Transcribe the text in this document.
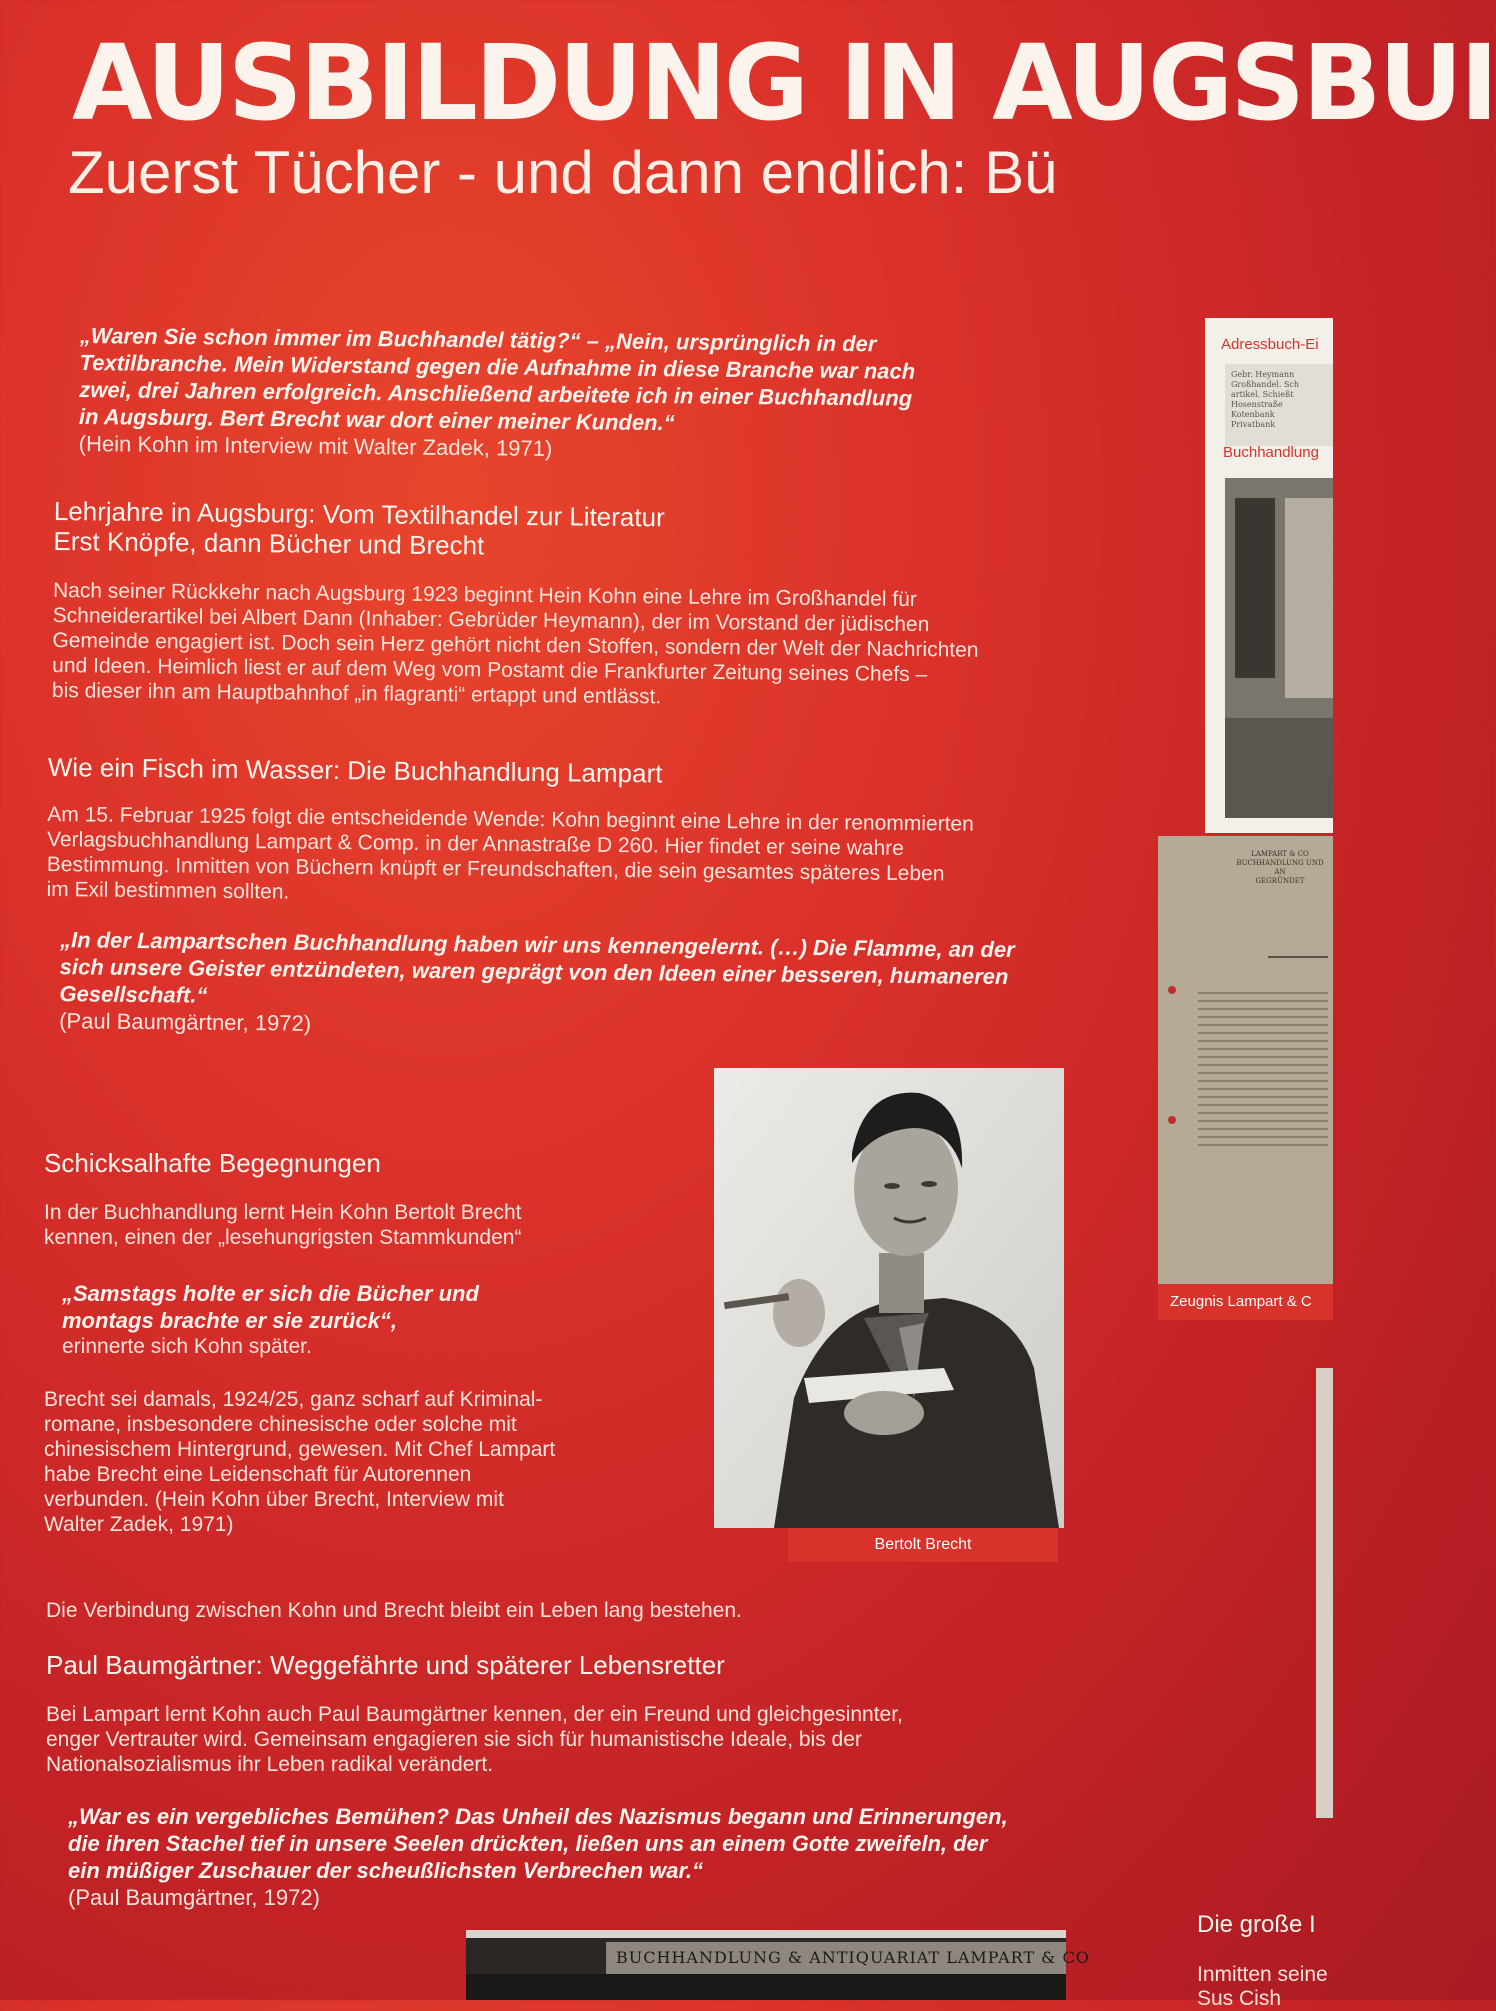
AUSBILDUNG IN AUGSBUI
Zuerst Tücher - und dann endlich: Bü
„Waren Sie schon immer im Buchhandel tätig?“ – „Nein, ursprünglich in der
Textilbranche. Mein Widerstand gegen die Aufnahme in diese Branche war nach
zwei, drei Jahren erfolgreich. Anschließend arbeitete ich in einer Buchhandlung
in Augsburg. Bert Brecht war dort einer meiner Kunden.“
(Hein Kohn im Interview mit Walter Zadek, 1971)
Lehrjahre in Augsburg: Vom Textilhandel zur Literatur
Erst Knöpfe, dann Bücher und Brecht
Nach seiner Rückkehr nach Augsburg 1923 beginnt Hein Kohn eine Lehre im Großhandel für
Schneiderartikel bei Albert Dann (Inhaber: Gebrüder Heymann), der im Vorstand der jüdischen
Gemeinde engagiert ist. Doch sein Herz gehört nicht den Stoffen, sondern der Welt der Nachrichten
und Ideen. Heimlich liest er auf dem Weg vom Postamt die Frankfurter Zeitung seines Chefs –
bis dieser ihn am Hauptbahnhof „in flagranti“ ertappt und entlässt.
Wie ein Fisch im Wasser: Die Buchhandlung Lampart
Am 15. Februar 1925 folgt die entscheidende Wende: Kohn beginnt eine Lehre in der renommierten
Verlagsbuchhandlung Lampart & Comp. in der Annastraße D 260. Hier findet er seine wahre
Bestimmung. Inmitten von Büchern knüpft er Freundschaften, die sein gesamtes späteres Leben
im Exil bestimmen sollten.
„In der Lampartschen Buchhandlung haben wir uns kennengelernt. (…) Die Flamme, an der
sich unsere Geister entzündeten, waren geprägt von den Ideen einer besseren, humaneren
Gesellschaft.“
(Paul Baumgärtner, 1972)
Schicksalhafte Begegnungen
In der Buchhandlung lernt Hein Kohn Bertolt Brecht
kennen, einen der „lesehungrigsten Stammkunden“
„Samstags holte er sich die Bücher und
montags brachte er sie zurück“,
erinnerte sich Kohn später.
Brecht sei damals, 1924/25, ganz scharf auf Kriminal-
romane, insbesondere chinesische oder solche mit
chinesischem Hintergrund, gewesen. Mit Chef Lampart
habe Brecht eine Leidenschaft für Autorennen
verbunden. (Hein Kohn über Brecht, Interview mit
Walter Zadek, 1971)
Die Verbindung zwischen Kohn und Brecht bleibt ein Leben lang bestehen.
Bertolt Brecht
Paul Baumgärtner: Weggefährte und späterer Lebensretter
Bei Lampart lernt Kohn auch Paul Baumgärtner kennen, der ein Freund und gleichgesinnter,
enger Vertrauter wird. Gemeinsam engagieren sie sich für humanistische Ideale, bis der
Nationalsozialismus ihr Leben radikal verändert.
„War es ein vergebliches Bemühen? Das Unheil des Nazismus begann und Erinnerungen,
die ihren Stachel tief in unsere Seelen drückten, ließen uns an einem Gotte zweifeln, der
ein müßiger Zuschauer der scheußlichsten Verbrechen war.“
(Paul Baumgärtner, 1972)
BUCHHANDLUNG & ANTIQUARIAT LAMPART & CO
Adressbuch-Ei
Gebr. Heymann
Großhandel. Sch
artikel. Schießt
Hosenstraße
Kotenbank
Privatbank
Buchhandlung
LAMPART & CO
BUCHHANDLUNG UND AN
GEGRÜNDET
Zeugnis Lampart & C
Die große I
Inmitten seine
Sus Cish
